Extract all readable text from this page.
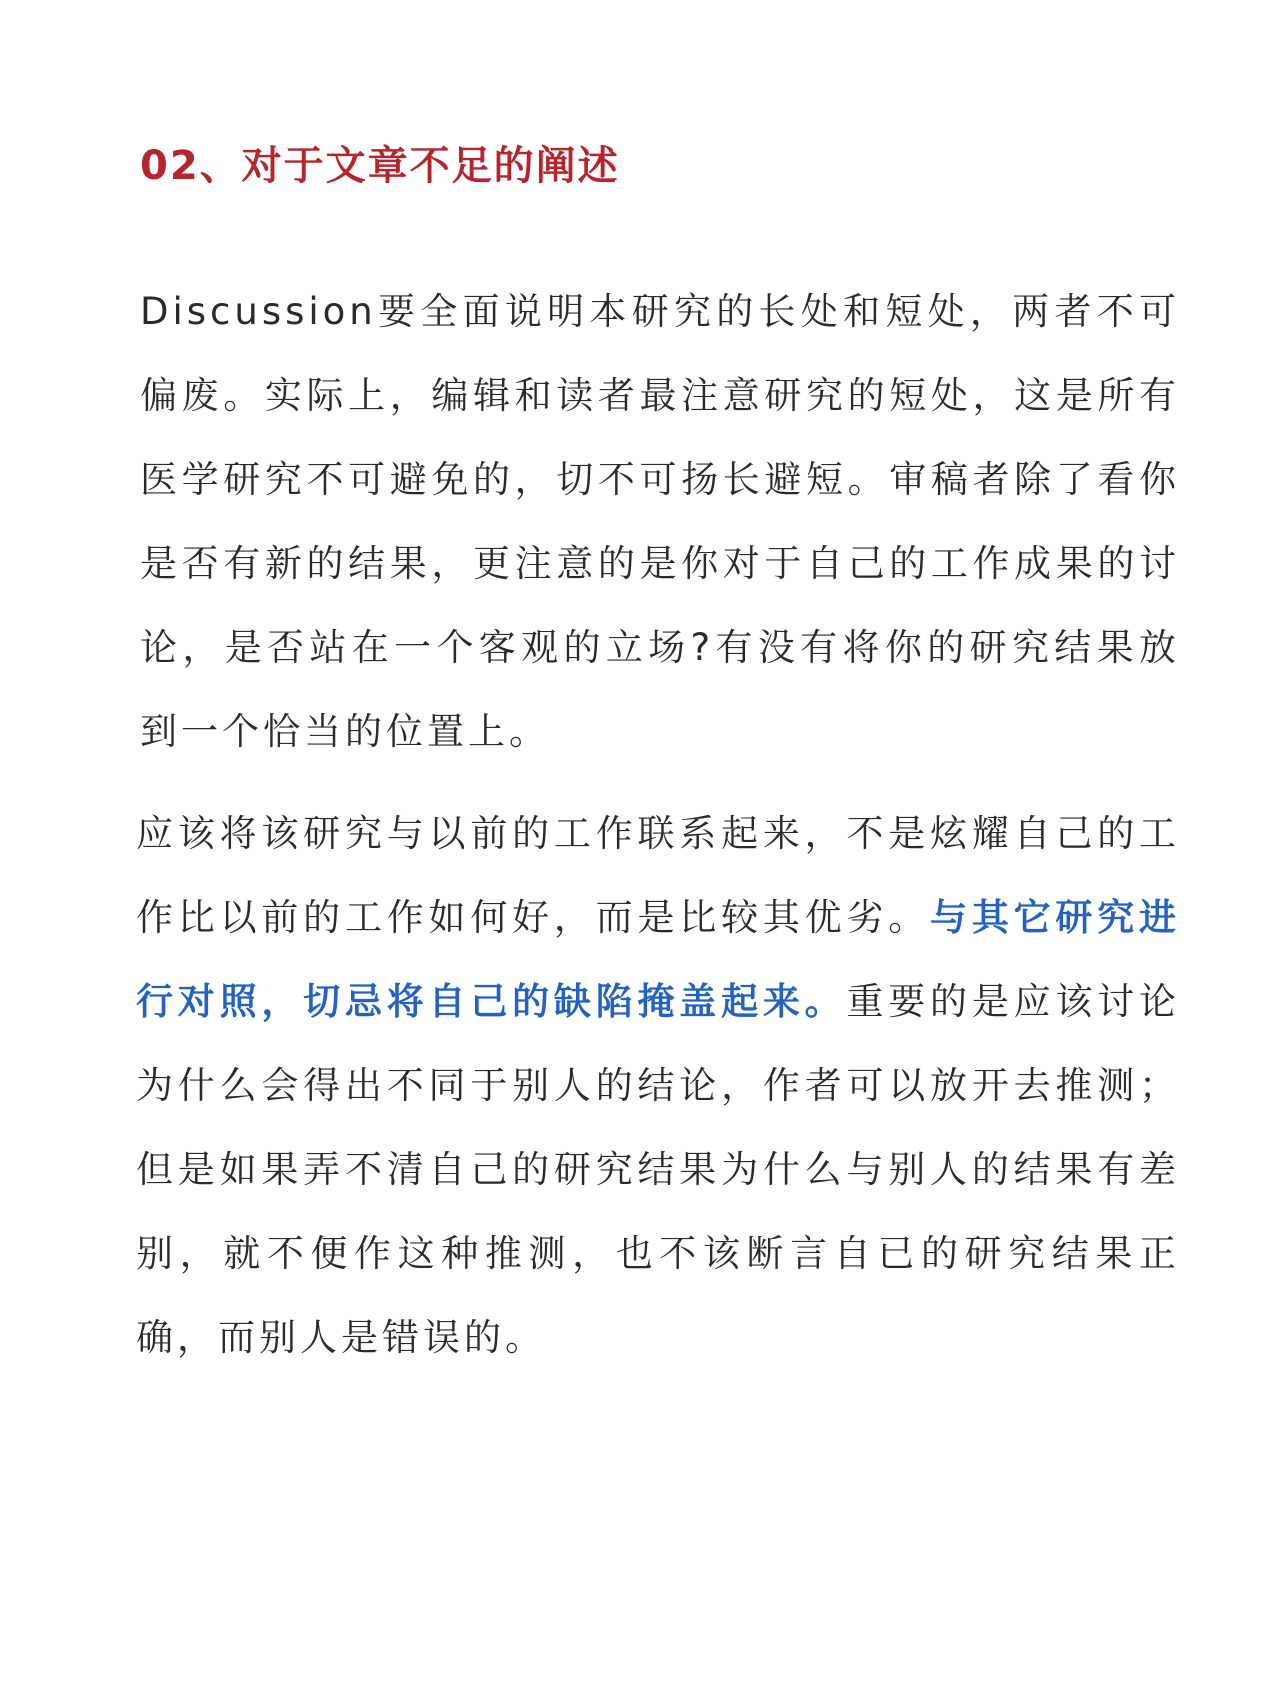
02、对于文章不足的阐述

Discussion要全面说明本研究的长处和短处，两者不可偏废。实际上，编辑和读者最注意研究的短处，这是所有医学研究不可避免的，切不可扬长避短。审稿者除了看你是否有新的结果，更注意的是你对于自己的工作成果的讨论，是否站在一个客观的立场?有没有将你的研究结果放到一个恰当的位置上。

应该将该研究与以前的工作联系起来，不是炫耀自己的工作比以前的工作如何好，而是比较其优劣。与其它研究进行对照，切忌将自己的缺陷掩盖起来。重要的是应该讨论为什么会得出不同于别人的结论，作者可以放开去推测；但是如果弄不清自己的研究结果为什么与别人的结果有差别，就不便作这种推测，也不该断言自已的研究结果正确，而别人是错误的。
